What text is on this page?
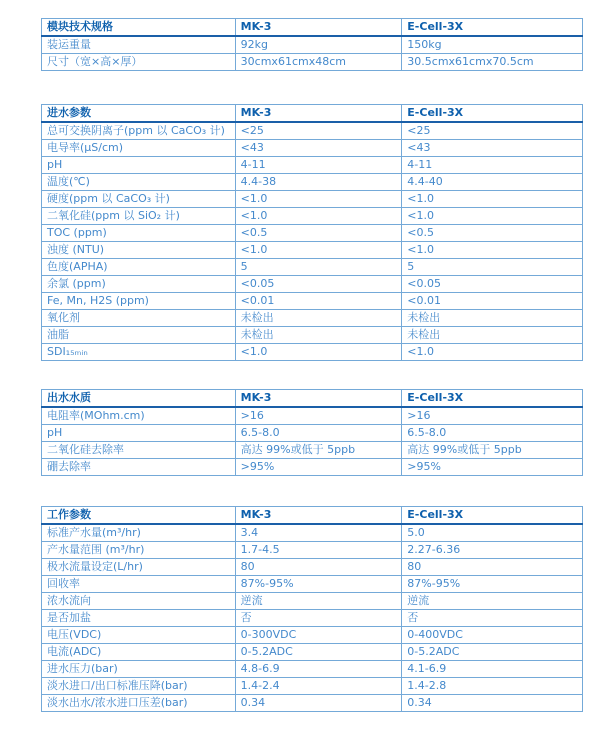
模块技术规格	MK-3	E-Cell-3X
装运重量	92kg	150kg
尺寸（宽×高×厚）	30cmx61cmx48cm	30.5cmx61cmx70.5cm
进水参数	MK-3	E-Cell-3X
总可交换阴离子(ppm 以 CaCO₃ 计)	<25	<25
电导率(μS/cm)	<43	<43
pH	4-11	4-11
温度(℃)	4.4-38	4.4-40
硬度(ppm 以 CaCO₃ 计)	<1.0	<1.0
二氧化硅(ppm 以 SiO₂ 计)	<1.0	<1.0
TOC (ppm)	<0.5	<0.5
浊度 (NTU)	<1.0	<1.0
色度(APHA)	5	5
余氯 (ppm)	<0.05	<0.05
Fe, Mn, H2S (ppm)	<0.01	<0.01
氧化剂	未检出	未检出
油脂	未检出	未检出
SDI₁₅ₘᵢₙ	<1.0	<1.0
出水水质	MK-3	E-Cell-3X
电阻率(MOhm.cm)	>16	>16
pH	6.5-8.0	6.5-8.0
二氧化硅去除率	高达 99%或低于 5ppb	高达 99%或低于 5ppb
硼去除率	>95%	>95%
工作参数	MK-3	E-Cell-3X
标准产水量(m³/hr)	3.4	5.0
产水量范围 (m³/hr)	1.7-4.5	2.27-6.36
极水流量设定(L/hr)	80	80
回收率	87%-95%	87%-95%
浓水流向	逆流	逆流
是否加盐	否	否
电压(VDC)	0-300VDC	0-400VDC
电流(ADC)	0-5.2ADC	0-5.2ADC
进水压力(bar)	4.8-6.9	4.1-6.9
淡水进口/出口标准压降(bar)	1.4-2.4	1.4-2.8
淡水出水/浓水进口压差(bar)	0.34	0.34
